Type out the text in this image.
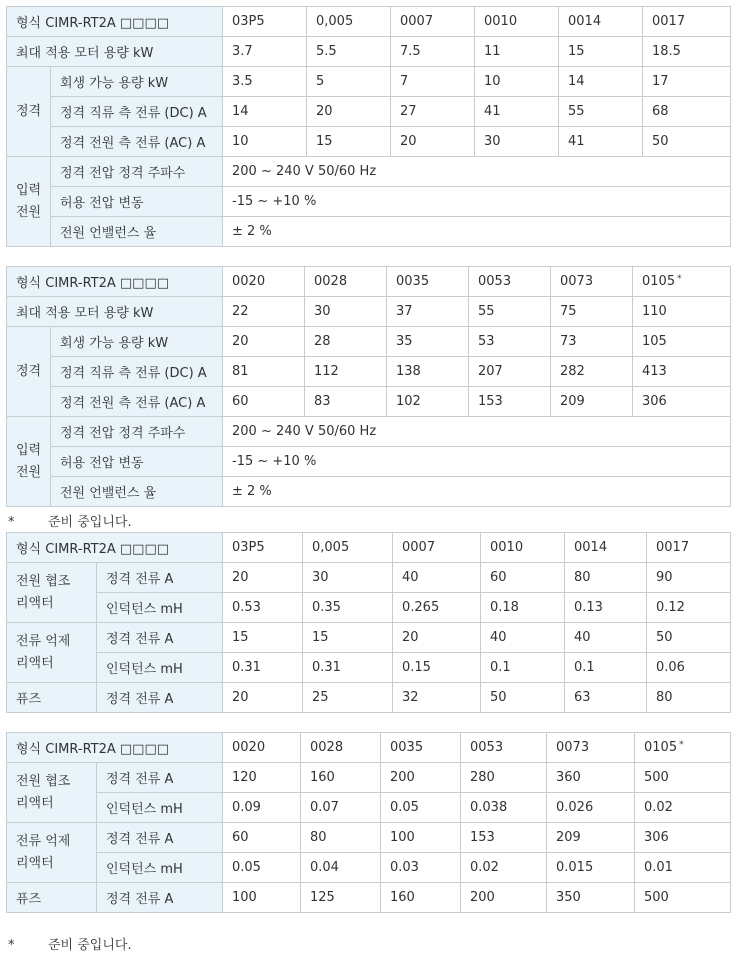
형식 CIMR-RT2A □□□□		03P5	0,005	0007	0010	0014	0017
최대 적용 모터 용량 kW		3.7	5.5	7.5	11	15	18.5
정격	회생 가능 용량 kW	3.5	5	7	10	14	17
	정격 직류 측 전류 (DC) A	14	20	27	41	55	68
	정격 전원 측 전류 (AC) A	10	15	20	30	41	50

입력
전원	정격 전압 정격 주파수	200 ~ 240 V 50/60 Hz					
	허용 전압 변동	-15 ~ +10 %					
	전원 언밸런스 율	± 2 %					
형식 CIMR-RT2A □□□□		0020	0028	0035	0053	0073	0105 *
최대 적용 모터 용량 kW		22	30	37	55	75	110
정격	회생 가능 용량 kW	20	28	35	53	73	105
	정격 직류 측 전류 (DC) A	81	112	138	207	282	413
	정격 전원 측 전류 (AC) A	60	83	102	153	209	306

입력
전원	정격 전압 정격 주파수	200 ~ 240 V 50/60 Hz					
	허용 전압 변동	-15 ~ +10 %					
	전원 언밸런스 율	± 2 %					
*	준비 중입니다.
형식 CIMR-RT2A □□□□		03P5	0,005	0007	0010	0014	0017

전원 협조
리액터	정격 전류 A	20	30	40	60	80	90
	인덕턴스 mH	0.53	0.35	0.265	0.18	0.13	0.12

전류 억제
리액터	정격 전류 A	15	15	20	40	40	50
	인덕턴스 mH	0.31	0.31	0.15	0.1	0.1	0.06
퓨즈	정격 전류 A	20	25	32	50	63	80
형식 CIMR-RT2A □□□□		0020	0028	0035	0053	0073	0105 *

전원 협조
리액터	정격 전류 A	120	160	200	280	360	500
	인덕턴스 mH	0.09	0.07	0.05	0.038	0.026	0.02

전류 억제
리액터	정격 전류 A	60	80	100	153	209	306
	인덕턴스 mH	0.05	0.04	0.03	0.02	0.015	0.01
퓨즈	정격 전류 A	100	125	160	200	350	500
*	준비 중입니다.
